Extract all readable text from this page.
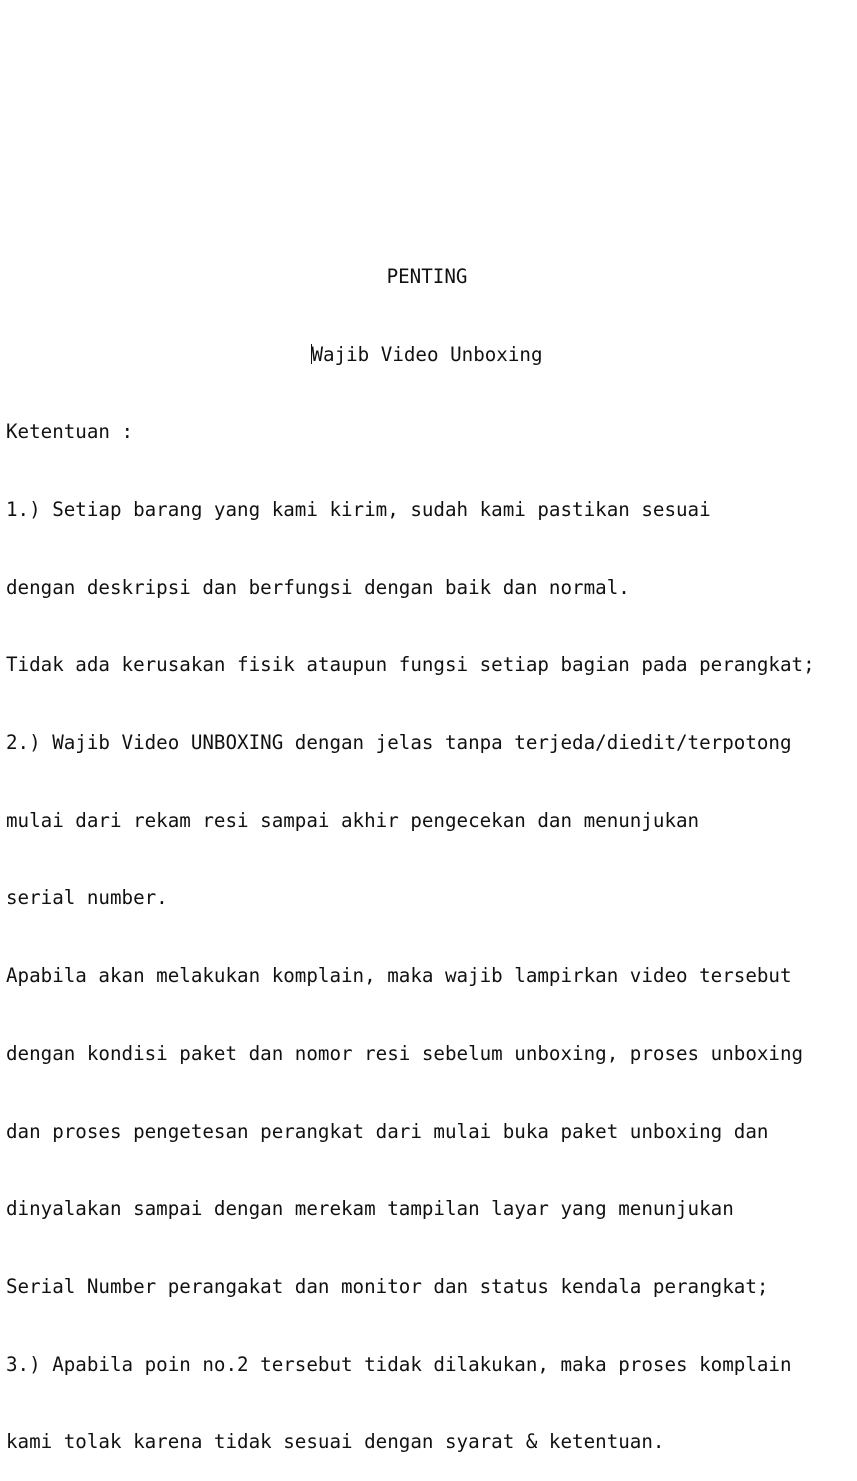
PENTING

Wajib Video Unboxing

Ketentuan :

1.) Setiap barang yang kami kirim, sudah kami pastikan sesuai

dengan deskripsi dan berfungsi dengan baik dan normal.

Tidak ada kerusakan fisik ataupun fungsi setiap bagian pada perangkat;

2.) Wajib Video UNBOXING dengan jelas tanpa terjeda/diedit/terpotong

mulai dari rekam resi sampai akhir pengecekan dan menunjukan

serial number.

Apabila akan melakukan komplain, maka wajib lampirkan video tersebut

dengan kondisi paket dan nomor resi sebelum unboxing, proses unboxing

dan proses pengetesan perangkat dari mulai buka paket unboxing dan

dinyalakan sampai dengan merekam tampilan layar yang menunjukan

Serial Number perangakat dan monitor dan status kendala perangkat;

3.) Apabila poin no.2 tersebut tidak dilakukan, maka proses komplain

kami tolak karena tidak sesuai dengan syarat & ketentuan.
